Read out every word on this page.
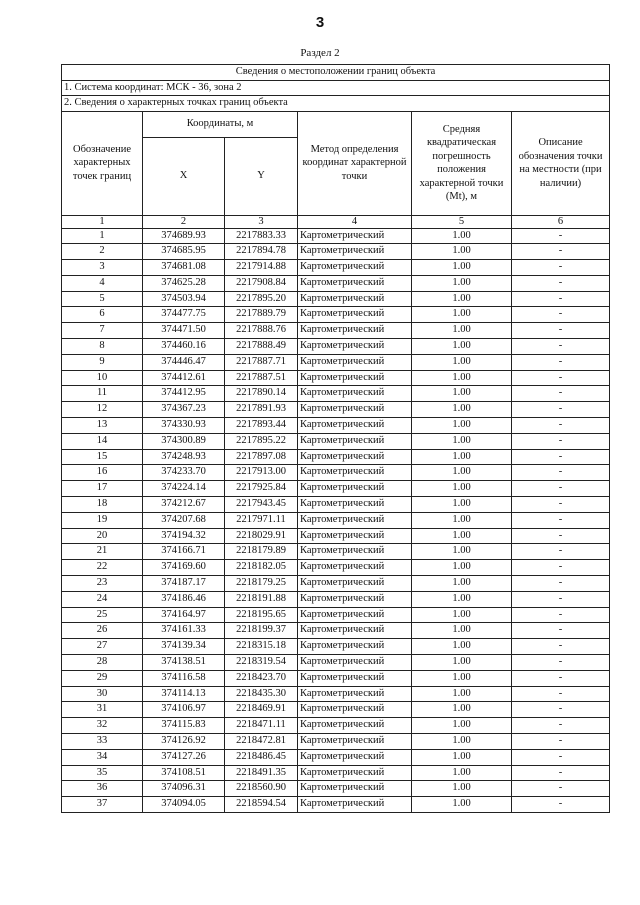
3
Раздел 2
Сведения о местоположении границ объекта					
1. Система координат: МСК - 36, зона 2					
2. Сведения о характерных точках границ объекта					
Обозначение характерных точек границ	Координаты, м		Метод определения координат характерной точки	Средняя квадратическая погрешность положения характерной точки (Mt), м	Описание обозначения точки на местности (при наличии)
	X	Y			
1	2	3	4	5	6
1	374689.93	2217883.33	Картометрический	1.00	-
2	374685.95	2217894.78	Картометрический	1.00	-
3	374681.08	2217914.88	Картометрический	1.00	-
4	374625.28	2217908.84	Картометрический	1.00	-
5	374503.94	2217895.20	Картометрический	1.00	-
6	374477.75	2217889.79	Картометрический	1.00	-
7	374471.50	2217888.76	Картометрический	1.00	-
8	374460.16	2217888.49	Картометрический	1.00	-
9	374446.47	2217887.71	Картометрический	1.00	-
10	374412.61	2217887.51	Картометрический	1.00	-
11	374412.95	2217890.14	Картометрический	1.00	-
12	374367.23	2217891.93	Картометрический	1.00	-
13	374330.93	2217893.44	Картометрический	1.00	-
14	374300.89	2217895.22	Картометрический	1.00	-
15	374248.93	2217897.08	Картометрический	1.00	-
16	374233.70	2217913.00	Картометрический	1.00	-
17	374224.14	2217925.84	Картометрический	1.00	-
18	374212.67	2217943.45	Картометрический	1.00	-
19	374207.68	2217971.11	Картометрический	1.00	-
20	374194.32	2218029.91	Картометрический	1.00	-
21	374166.71	2218179.89	Картометрический	1.00	-
22	374169.60	2218182.05	Картометрический	1.00	-
23	374187.17	2218179.25	Картометрический	1.00	-
24	374186.46	2218191.88	Картометрический	1.00	-
25	374164.97	2218195.65	Картометрический	1.00	-
26	374161.33	2218199.37	Картометрический	1.00	-
27	374139.34	2218315.18	Картометрический	1.00	-
28	374138.51	2218319.54	Картометрический	1.00	-
29	374116.58	2218423.70	Картометрический	1.00	-
30	374114.13	2218435.30	Картометрический	1.00	-
31	374106.97	2218469.91	Картометрический	1.00	-
32	374115.83	2218471.11	Картометрический	1.00	-
33	374126.92	2218472.81	Картометрический	1.00	-
34	374127.26	2218486.45	Картометрический	1.00	-
35	374108.51	2218491.35	Картометрический	1.00	-
36	374096.31	2218560.90	Картометрический	1.00	-
37	374094.05	2218594.54	Картометрический	1.00	-
